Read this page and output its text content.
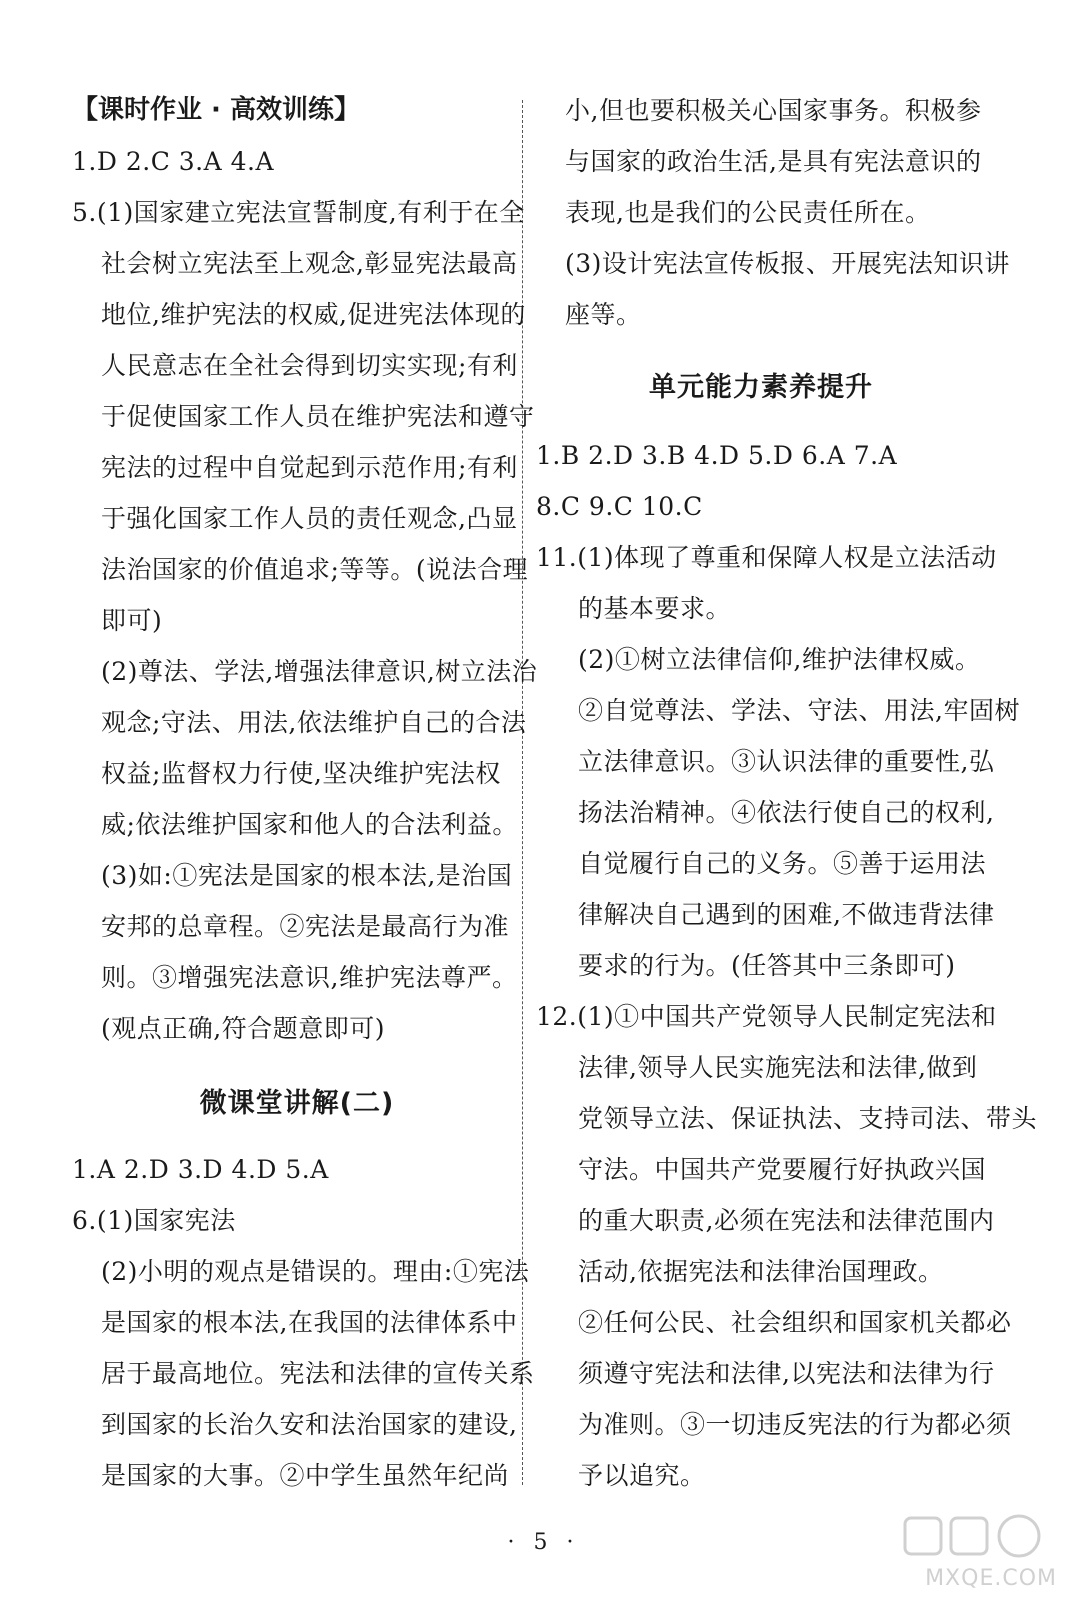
【课时作业 · 高效训练】
1.D 2.C 3.A 4.A
5.(1)国家建立宪法宣誓制度,有利于在全
社会树立宪法至上观念,彰显宪法最高
地位,维护宪法的权威,促进宪法体现的
人民意志在全社会得到切实实现;有利
于促使国家工作人员在维护宪法和遵守
宪法的过程中自觉起到示范作用;有利
于强化国家工作人员的责任观念,凸显
法治国家的价值追求;等等。(说法合理
即可)
(2)尊法、学法,增强法律意识,树立法治
观念;守法、用法,依法维护自己的合法
权益;监督权力行使,坚决维护宪法权
威;依法维护国家和他人的合法利益。
(3)如:①宪法是国家的根本法,是治国
安邦的总章程。②宪法是最高行为准
则。③增强宪法意识,维护宪法尊严。
(观点正确,符合题意即可)
微课堂讲解(二)
1.A 2.D 3.D 4.D 5.A
6.(1)国家宪法
(2)小明的观点是错误的。理由:①宪法
是国家的根本法,在我国的法律体系中
居于最高地位。宪法和法律的宣传关系
到国家的长治久安和法治国家的建设,
是国家的大事。②中学生虽然年纪尚
小,但也要积极关心国家事务。积极参
与国家的政治生活,是具有宪法意识的
表现,也是我们的公民责任所在。
(3)设计宪法宣传板报、开展宪法知识讲
座等。
单元能力素养提升
1.B 2.D 3.B 4.D 5.D 6.A 7.A
8.C 9.C 10.C
11.(1)体现了尊重和保障人权是立法活动
的基本要求。
(2)①树立法律信仰,维护法律权威。
②自觉尊法、学法、守法、用法,牢固树
立法律意识。③认识法律的重要性,弘
扬法治精神。④依法行使自己的权利,
自觉履行自己的义务。⑤善于运用法
律解决自己遇到的困难,不做违背法律
要求的行为。(任答其中三条即可)
12.(1)①中国共产党领导人民制定宪法和
法律,领导人民实施宪法和法律,做到
党领导立法、保证执法、支持司法、带头
守法。中国共产党要履行好执政兴国
的重大职责,必须在宪法和法律范围内
活动,依据宪法和法律治国理政。
②任何公民、社会组织和国家机关都必
须遵守宪法和法律,以宪法和法律为行
为准则。③一切违反宪法的行为都必须
予以追究。
· 5 ·
MXQE.COM
